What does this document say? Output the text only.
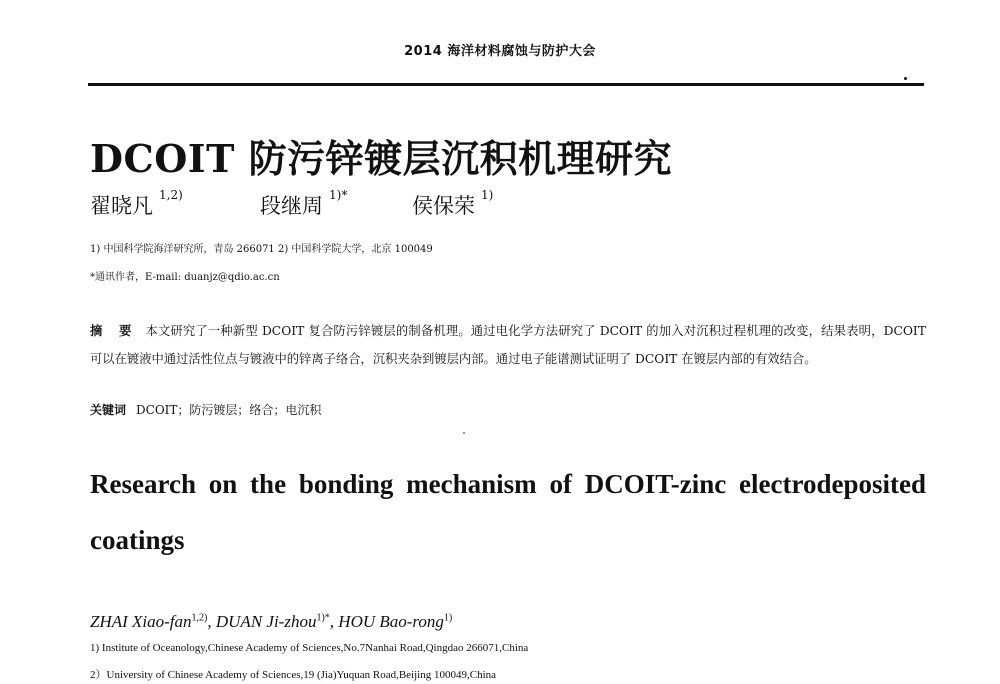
2014 海洋材料腐蚀与防护大会
DCOIT 防污锌镀层沉积机理研究
翟晓凡 $^{1,2)}$	段继周 $^{1)*}$	侯保荣 $^{1)}$
1) 中国科学院海洋研究所，青岛 266071 2) 中国科学院大学，北京 100049
*通讯作者，E-mail: duanjz@qdio.ac.cn
摘 要 本文研究了一种新型 DCOIT 复合防污锌镀层的制备机理。通过电化学方法研究了 DCOIT 的加入对沉积过程机理的改变，结果表明，DCOIT 可以在镀液中通过活性位点与镀液中的锌离子络合，沉积夹杂到镀层内部。通过电子能谱测试证明了 DCOIT 在镀层内部的有效结合。
关键词 DCOIT；防污镀层；络合；电沉积
Research on the bonding mechanism of DCOIT-zinc electrodeposited coatings
ZHAI Xiao-fan$^{1,2)}$, DUAN Ji-zhou$^{1)*}$, HOU Bao-rong$^{1)}$
1) Institute of Oceanology,Chinese Academy of Sciences,No.7Nanhai Road,Qingdao 266071,China
2）University of Chinese Academy of Sciences,19 (Jia)Yuquan Road,Beijing 100049,China
